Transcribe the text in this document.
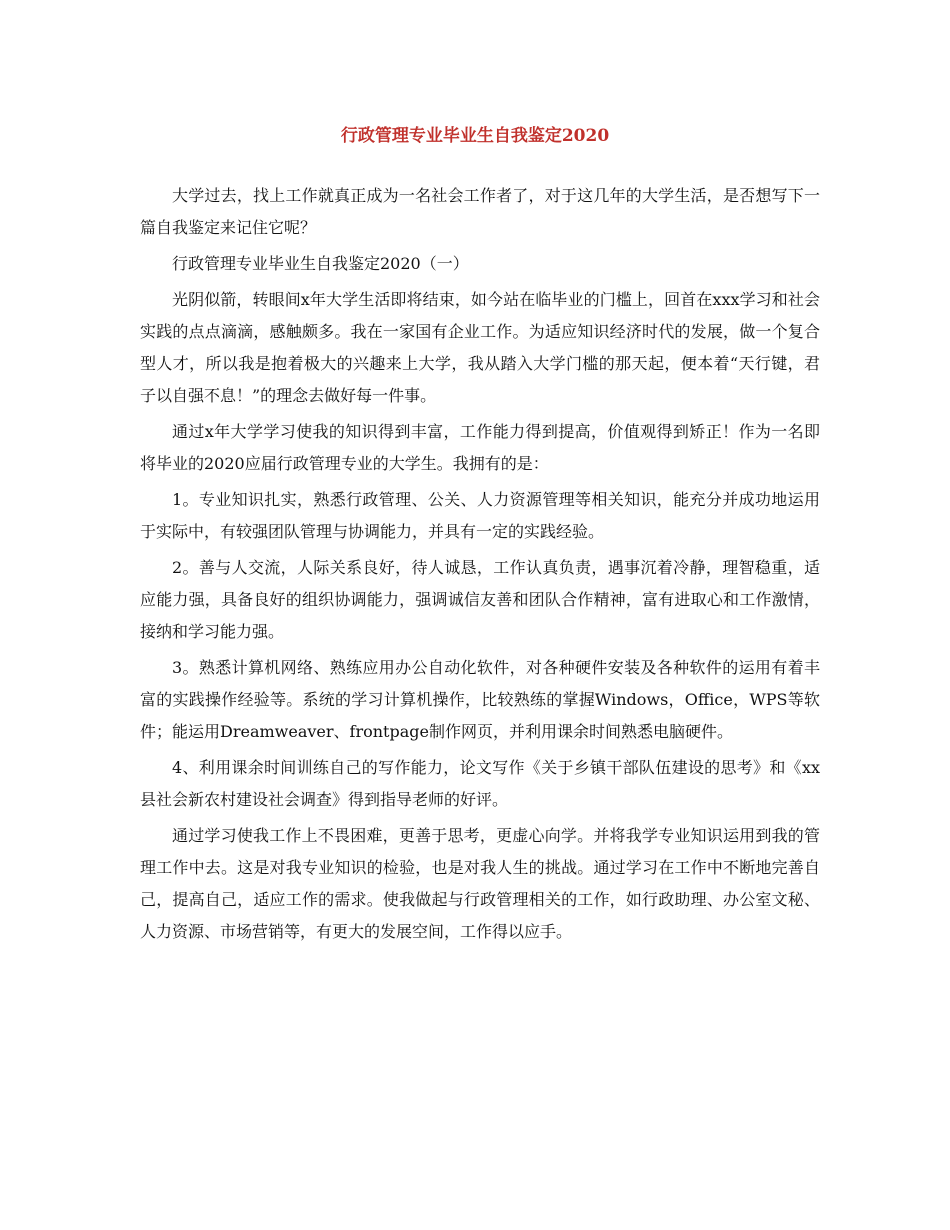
行政管理专业毕业生自我鉴定2020

大学过去，找上工作就真正成为一名社会工作者了，对于这几年的大学生活，是否想写下一篇自我鉴定来记住它呢？

行政管理专业毕业生自我鉴定2020（一）

光阴似箭，转眼间x年大学生活即将结束，如今站在临毕业的门槛上，回首在xxx学习和社会实践的点点滴滴，感触颇多。我在一家国有企业工作。为适应知识经济时代的发展，做一个复合型人才，所以我是抱着极大的兴趣来上大学，我从踏入大学门槛的那天起，便本着“天行键，君子以自强不息！”的理念去做好每一件事。

通过x年大学学习使我的知识得到丰富，工作能力得到提高，价值观得到矫正！作为一名即将毕业的2020应届行政管理专业的大学生。我拥有的是：

1。专业知识扎实，熟悉行政管理、公关、人力资源管理等相关知识，能充分并成功地运用于实际中，有较强团队管理与协调能力，并具有一定的实践经验。

2。善与人交流，人际关系良好，待人诚恳，工作认真负责，遇事沉着冷静，理智稳重，适应能力强，具备良好的组织协调能力，强调诚信友善和团队合作精神，富有进取心和工作激情，接纳和学习能力强。

3。熟悉计算机网络、熟练应用办公自动化软件，对各种硬件安装及各种软件的运用有着丰富的实践操作经验等。系统的学习计算机操作，比较熟练的掌握Windows，Office，WPS等软件；能运用Dreamweaver、frontpage制作网页，并利用课余时间熟悉电脑硬件。

4、利用课余时间训练自己的写作能力，论文写作《关于乡镇干部队伍建设的思考》和《xx县社会新农村建设社会调查》得到指导老师的好评。

通过学习使我工作上不畏困难，更善于思考，更虚心向学。并将我学专业知识运用到我的管理工作中去。这是对我专业知识的检验，也是对我人生的挑战。通过学习在工作中不断地完善自己，提高自己，适应工作的需求。使我做起与行政管理相关的工作，如行政助理、办公室文秘、人力资源、市场营销等，有更大的发展空间，工作得以应手。
